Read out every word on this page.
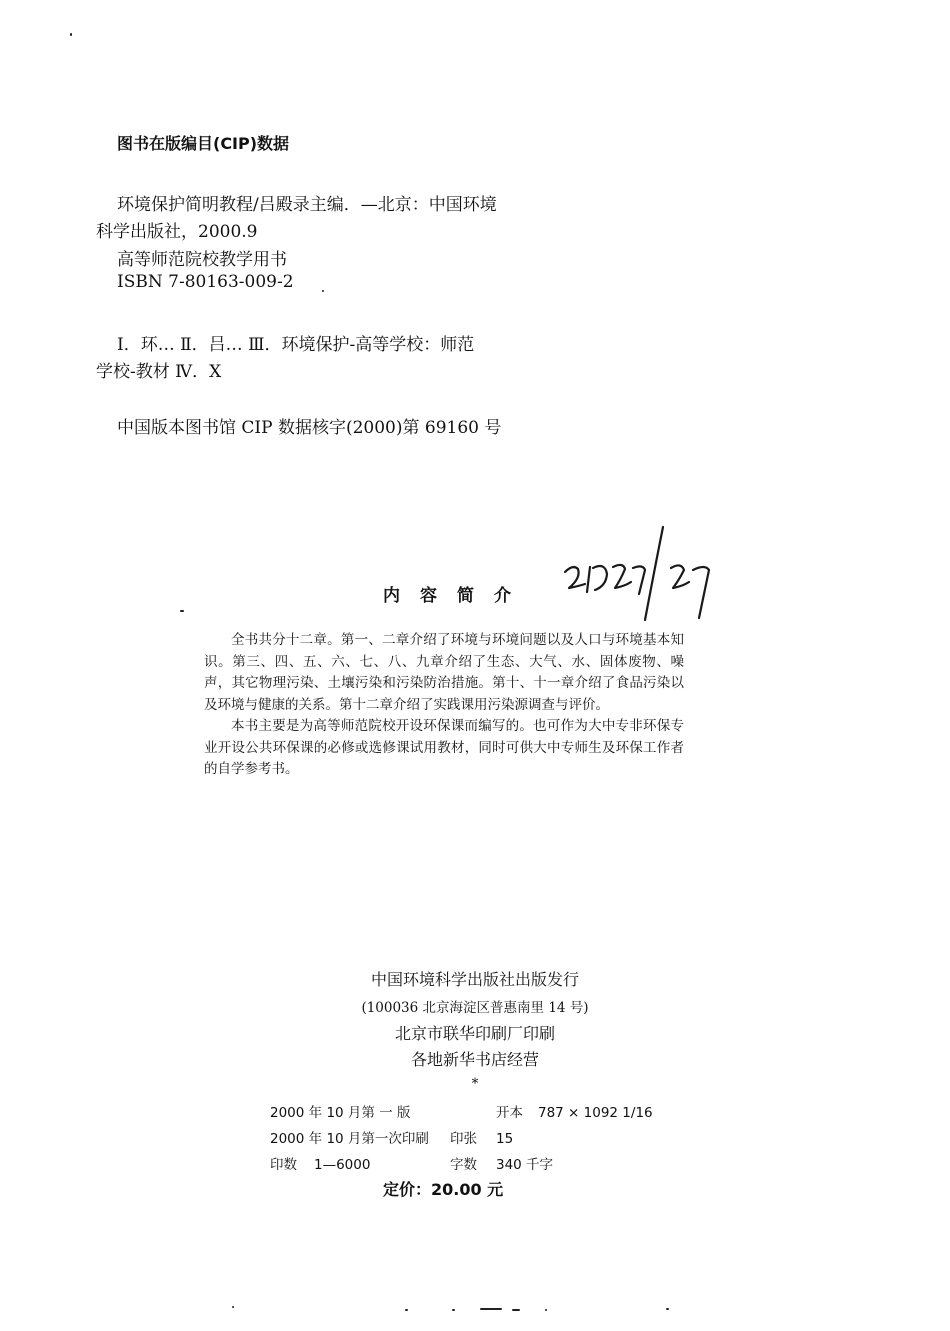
图书在版编目(CIP)数据
环境保护简明教程/吕殿录主编．—北京：中国环境
科学出版社，2000.9
高等师范院校教学用书
ISBN 7-80163-009-2
Ⅰ．环… Ⅱ．吕… Ⅲ．环境保护-高等学校：师范
学校-教材 Ⅳ．X
中国版本图书馆 CIP 数据核字(2000)第 69160 号
内容简介

全书共分十二章。第一、二章介绍了环境与环境问题以及人口与环境基本知识。第三、四、五、六、七、八、九章介绍了生态、大气、水、固体废物、噪声，其它物理污染、土壤污染和污染防治措施。第十、十一章介绍了食品污染以及环境与健康的关系。第十二章介绍了实践课用污染源调查与评价。

本书主要是为高等师范院校开设环保课而编写的。也可作为大中专非环保专业开设公共环保课的必修或选修课试用教材，同时可供大中专师生及环保工作者的自学参考书。

中国环境科学出版社出版发行
(100036 北京海淀区普惠南里 14 号)
北京市联华印刷厂印刷
各地新华书店经营
*
2000 年 10 月第 一 版	开本 787 × 1092 1/16
2000 年 10 月第一次印刷 印张 15
印数 1—6000	字数 340 千字
定价：20.00 元
